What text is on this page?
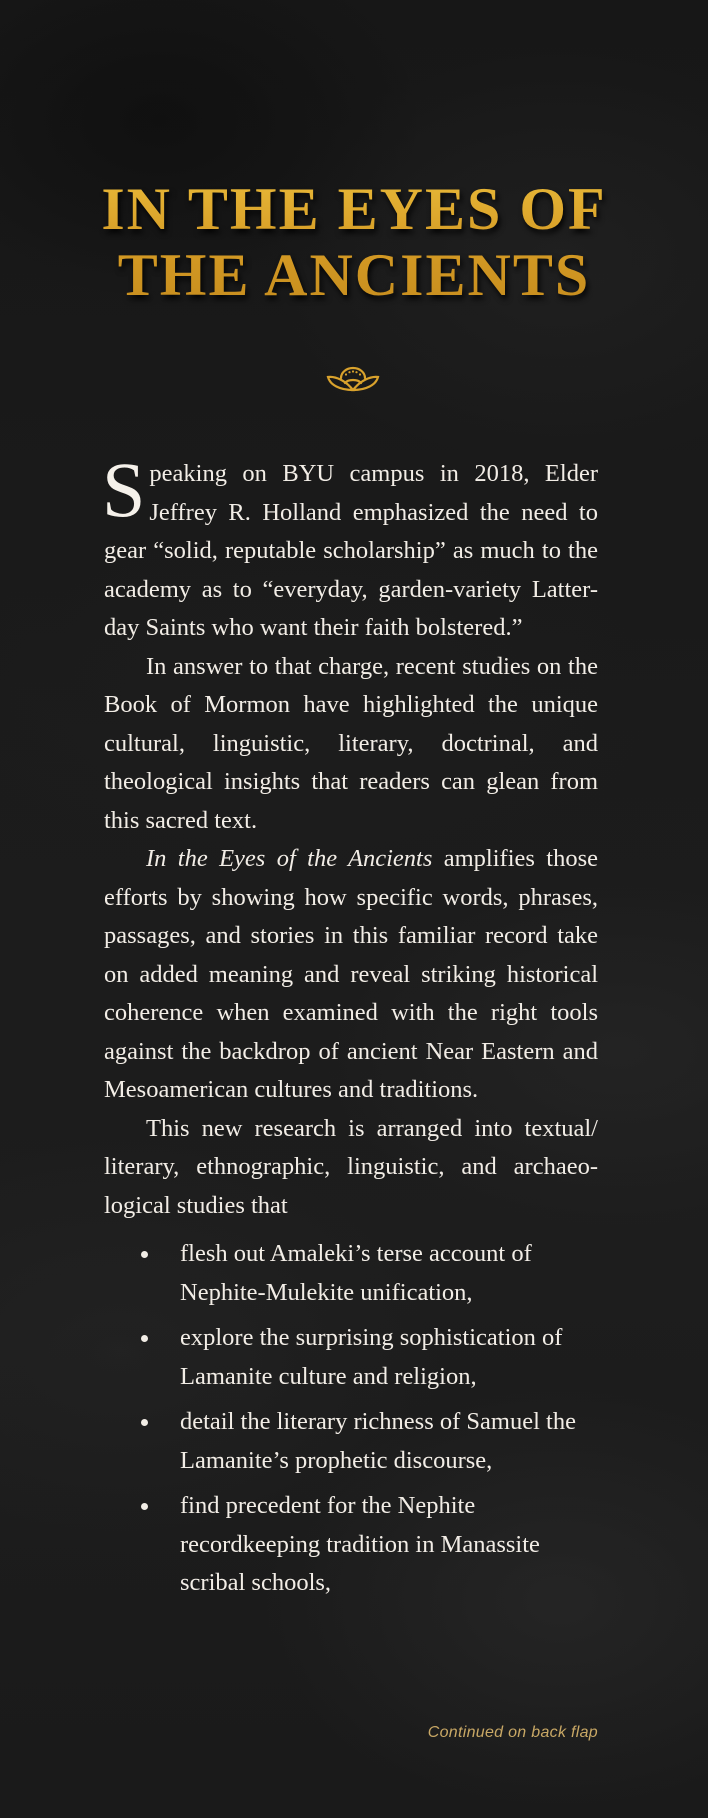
IN THE EYES OF
THE ANCIENTS

Speaking on BYU campus in 2018, Elder Jeffrey R. Holland emphasized the need to gear “solid, reputable scholarship” as much to the academy as to “everyday, garden-variety Latter-day Saints who want their faith bolstered.”

In answer to that charge, recent studies on the Book of Mormon have highlighted the unique cultural, linguistic, literary, doctrinal, and theological insights that readers can glean from this sacred text.

In the Eyes of the Ancients amplifies those efforts by showing how specific words, phrases, passages, and stories in this familiar record take on added meaning and reveal striking historical coherence when examined with the right tools against the backdrop of ancient Near Eastern and Mesoamerican cultures and traditions.

This new research is arranged into textual/ literary, ethnographic, linguistic, and archaeo-logical studies that

flesh out Amaleki’s terse account of Nephite-Mulekite unification,
explore the surprising sophistication of Lamanite culture and religion,
detail the literary richness of Samuel the Lamanite’s prophetic discourse,
find precedent for the Nephite recordkeeping tradition in Manassite scribal schools,
Continued on back flap
